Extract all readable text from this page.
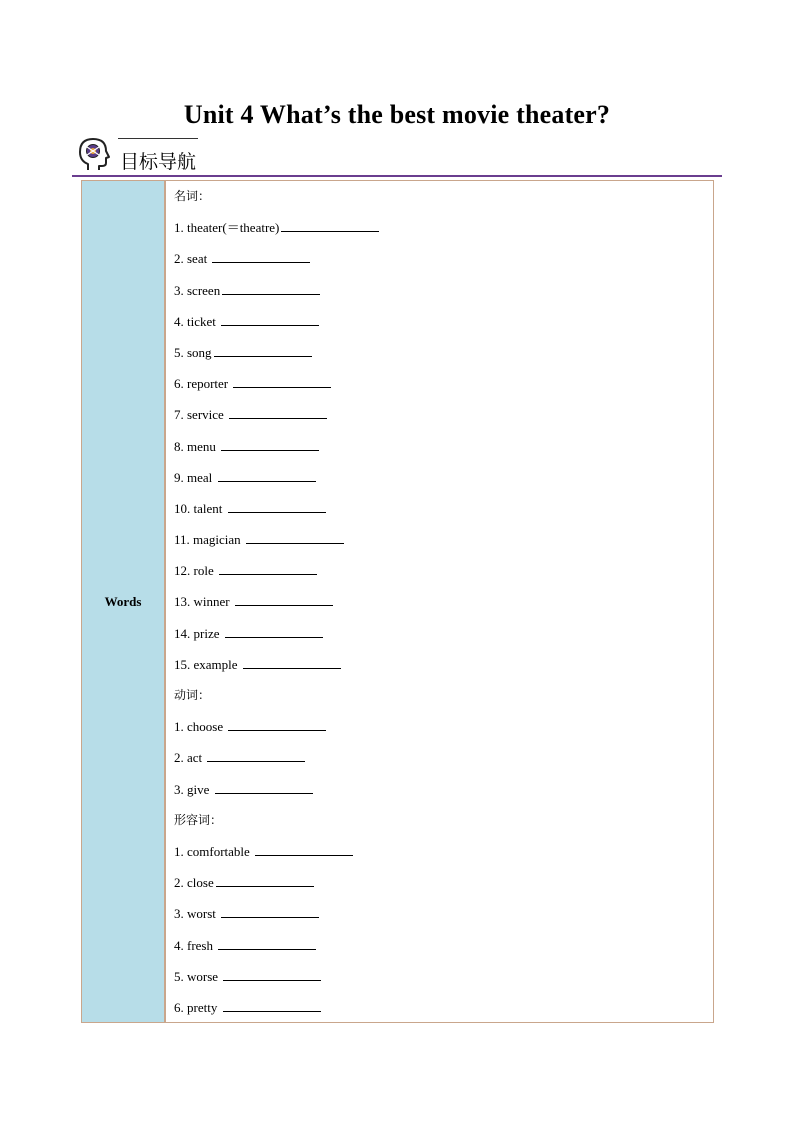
Unit 4 What’s the best movie theater?
目标导航
Words
名词：
1. theater(＝theatre)
2. seat
3. screen
4. ticket
5. song
6. reporter
7. service
8. menu
9. meal
10. talent
11. magician
12. role
13. winner
14. prize
15. example
动词：
1. choose
2. act
3. give
形容词：
1. comfortable
2. close
3. worst
4. fresh
5. worse
6. pretty
